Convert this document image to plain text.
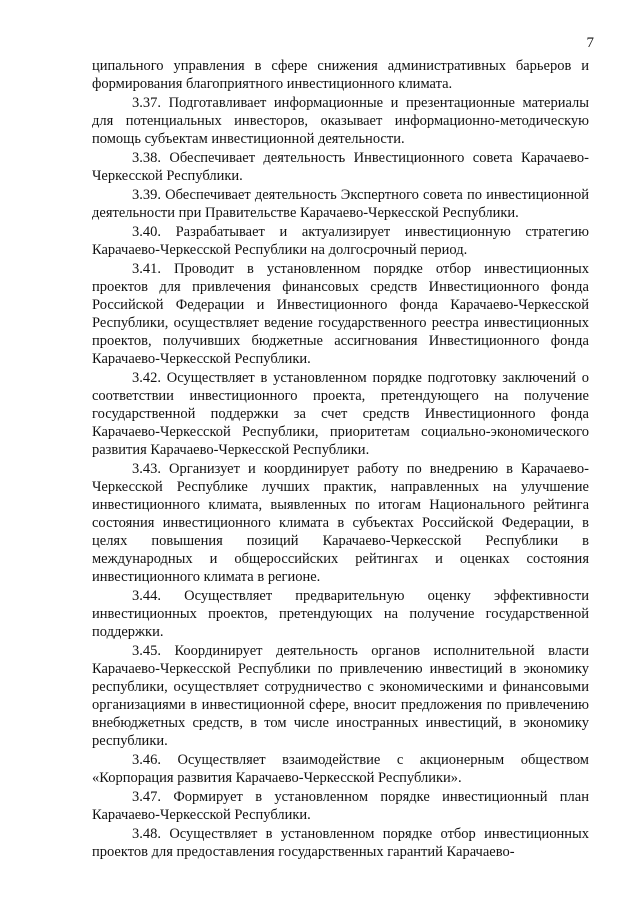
7

ципального управления в сфере снижения административных барьеров и формирования благоприятного инвестиционного климата.

3.37. Подготавливает информационные и презентационные материалы для потенциальных инвесторов, оказывает информационно-методическую помощь субъектам инвестиционной деятельности.

3.38. Обеспечивает деятельность Инвестиционного совета Карачаево-Черкесской Республики.

3.39. Обеспечивает деятельность Экспертного совета по инвестиционной деятельности при Правительстве Карачаево-Черкесской Республики.

3.40. Разрабатывает и актуализирует инвестиционную стратегию Карачаево-Черкесской Республики на долгосрочный период.

3.41. Проводит в установленном порядке отбор инвестиционных проектов для привлечения финансовых средств Инвестиционного фонда Российской Федерации и Инвестиционного фонда Карачаево-Черкесской Республики, осуществляет ведение государственного реестра инвестиционных проектов, получивших бюджетные ассигнования Инвестиционного фонда Карачаево-Черкесской Республики.

3.42. Осуществляет в установленном порядке подготовку заключений о соответствии инвестиционного проекта, претендующего на получение государственной поддержки за счет средств Инвестиционного фонда Карачаево-Черкесской Республики, приоритетам социально-экономического развития Карачаево-Черкесской Республики.

3.43. Организует и координирует работу по внедрению в Карачаево-Черкесской Республике лучших практик, направленных на улучшение инвестиционного климата, выявленных по итогам Национального рейтинга состояния инвестиционного климата в субъектах Российской Федерации, в целях повышения позиций Карачаево-Черкесской Республики в международных и общероссийских рейтингах и оценках состояния инвестиционного климата в регионе.

3.44. Осуществляет предварительную оценку эффективности инвестиционных проектов, претендующих на получение государственной поддержки.

3.45. Координирует деятельность органов исполнительной власти Карачаево-Черкесской Республики по привлечению инвестиций в экономику республики, осуществляет сотрудничество с экономическими и финансовыми организациями в инвестиционной сфере, вносит предложения по привлечению внебюджетных средств, в том числе иностранных инвестиций, в экономику республики.

3.46. Осуществляет взаимодействие с акционерным обществом «Корпорация развития Карачаево-Черкесской Республики».

3.47. Формирует в установленном порядке инвестиционный план Карачаево-Черкесской Республики.

3.48. Осуществляет в установленном порядке отбор инвестиционных проектов для предоставления государственных гарантий Карачаево-
